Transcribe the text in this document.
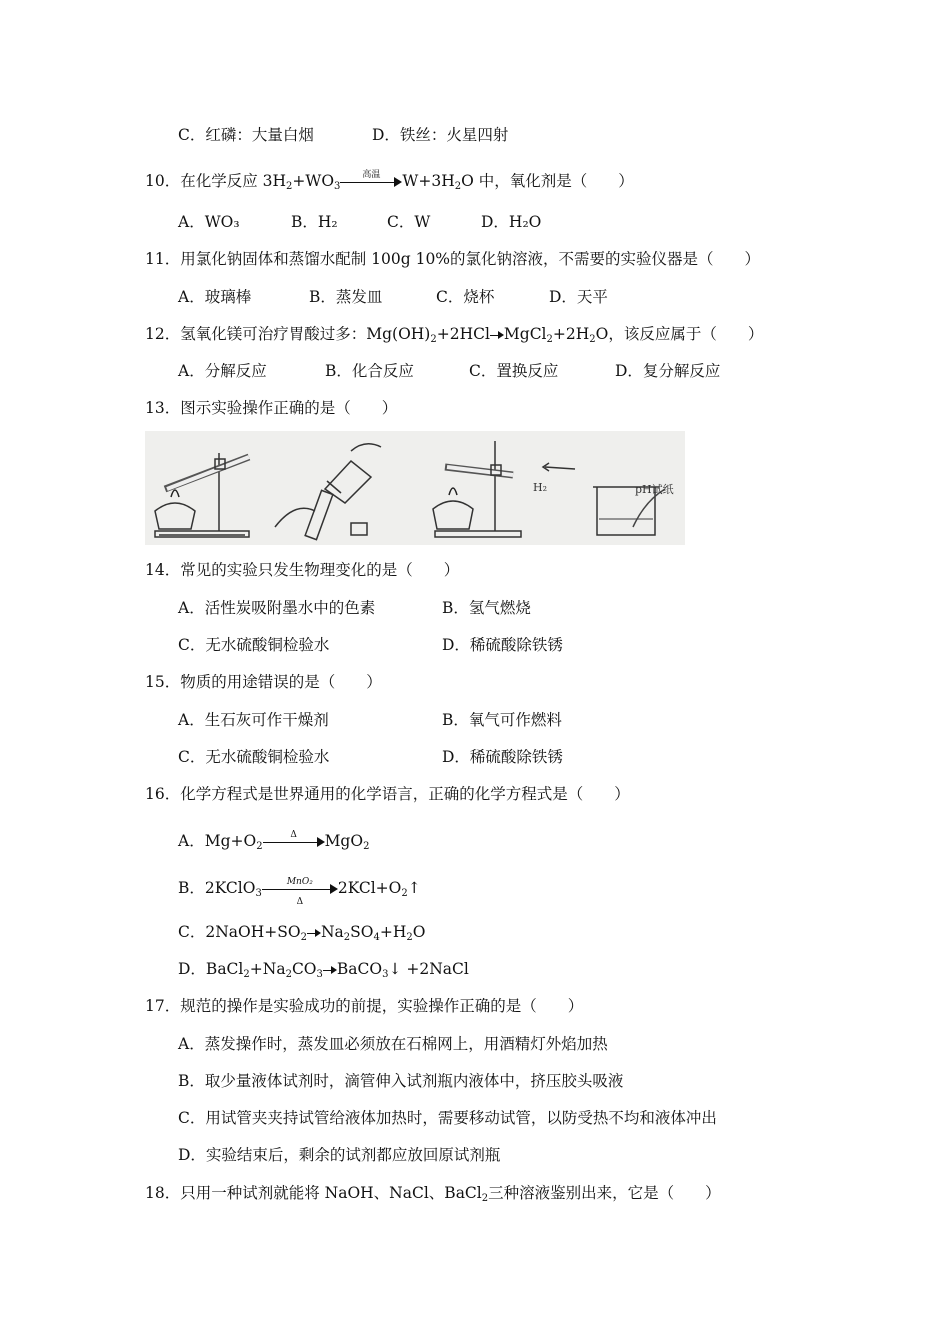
C．红磷：大量白烟	D．铁丝：火星四射
10．在化学反应 $3H_2+WO_3$
高温	$W+3H_2O$ 中，氧化剂是（　　）
A．WO₃	B．H₂	C．W	D．H₂O
11．用氯化钠固体和蒸馏水配制 100g 10%的氯化钠溶液，不需要的实验仪器是（　　）
A．玻璃棒	B．蒸发皿	C．烧杯	D．天平
12．氢氧化镁可治疗胃酸过多：$Mg(OH)_2+2HCl$ $MgCl_2+2H_2O$，该反应属于（　　）
A．分解反应	B．化合反应	C．置换反应	D．复分解反应
13．图示实验操作正确的是（　　）
H₂	pH试纸
14．常见的实验只发生物理变化的是（　　）
A．活性炭吸附墨水中的色素	B．氢气燃烧
C．无水硫酸铜检验水	D．稀硫酸除铁锈
15．物质的用途错误的是（　　）
A．生石灰可作干燥剂	B．氧气可作燃料
C．无水硫酸铜检验水	D．稀硫酸除铁锈
16．化学方程式是世界通用的化学语言，正确的化学方程式是（　　）
A．$Mg+O_2$
Δ	MgO$_2$
B．2KClO$_3$
MnO₂
Δ
$2KCl+O_2↑$
C．$2NaOH+SO_2$ $Na_2SO_4+H_2O$
D．$BaCl_2+Na_2CO_3$ BaCO$_3$↓ +2NaCl
17．规范的操作是实验成功的前提，实验操作正确的是（　　）
A．蒸发操作时，蒸发皿必须放在石棉网上，用酒精灯外焰加热
B．取少量液体试剂时，滴管伸入试剂瓶内液体中，挤压胶头吸液
C．用试管夹夹持试管给液体加热时，需要移动试管，以防受热不均和液体冲出
D．实验结束后，剩余的试剂都应放回原试剂瓶
18．只用一种试剂就能将 NaOH、NaCl、BaCl$_2$三种溶液鉴别出来，它是（　　）
